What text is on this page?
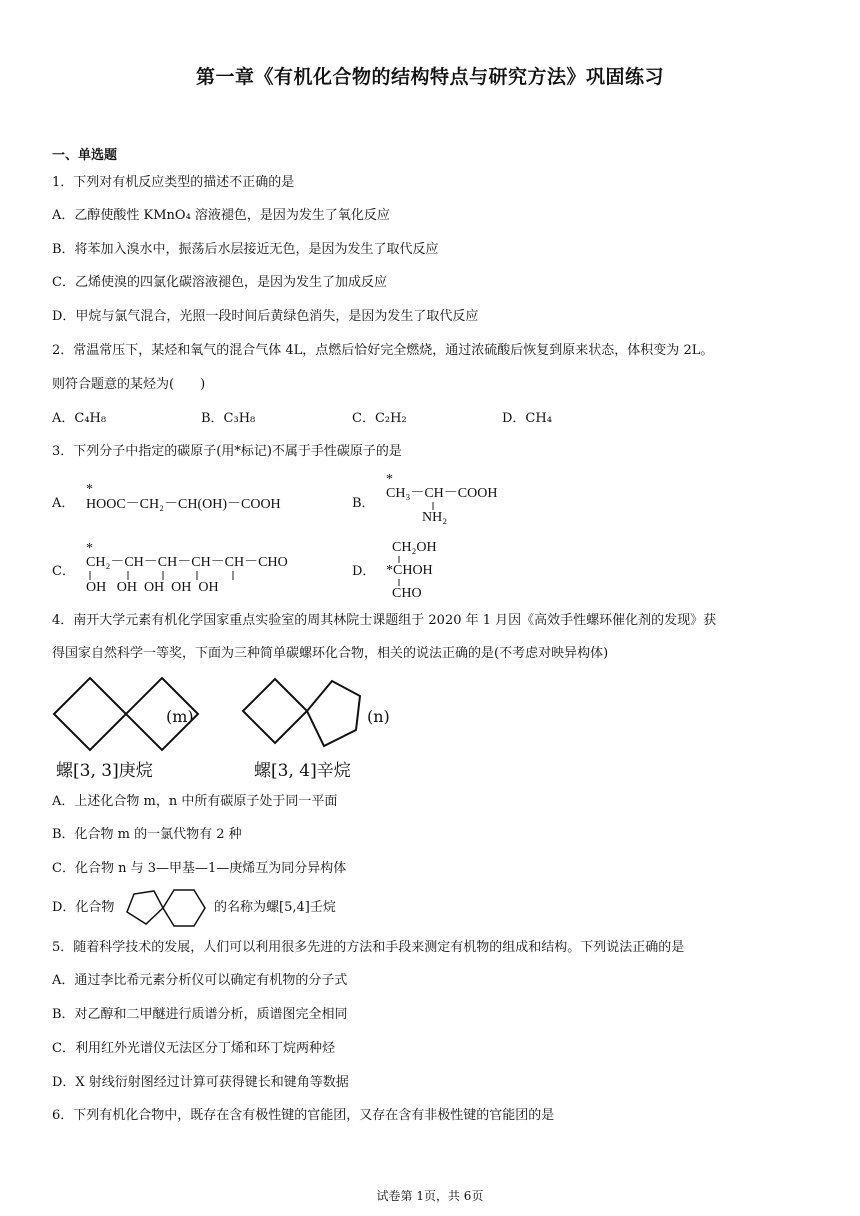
第一章《有机化合物的结构特点与研究方法》巩固练习
一、单选题
1．下列对有机反应类型的描述不正确的是
A．乙醇使酸性 KMnO₄ 溶液褪色，是因为发生了氧化反应
B．将苯加入溴水中，振荡后水层接近无色，是因为发生了取代反应
C．乙烯使溴的四氯化碳溶液褪色，是因为发生了加成反应
D．甲烷与氯气混合，光照一段时间后黄绿色消失，是因为发生了取代反应
2．常温常压下，某烃和氧气的混合气体 4L，点燃后恰好完全燃烧，通过浓硫酸后恢复到原来状态，体积变为 2L。
则符合题意的某烃为(　　)
A．C₄H₈	B．C₃H₈	C．C₂H₂	D．CH₄
3．下列分子中指定的碳原子(用*标记)不属于手性碳原子的是
A．
*
HOOC－CH₂－CH(OH)－COOH	B．
*
CH₃－CH－COOH
NH₂
C．
*
CH₂－CH－CH－CH－CH－CHO
OH   OH  OH  OH  OH
D．
CH₂OH
*CHOH
CHO
4．南开大学元素有机化学国家重点实验室的周其林院士课题组于 2020 年 1 月因《高效手性螺环催化剂的发现》获
得国家自然科学一等奖，下面为三种简单碳螺环化合物，相关的说法正确的是(不考虑对映异构体)
(m)	(n)
螺[3, 3]庚烷	螺[3, 4]辛烷
A．上述化合物 m，n 中所有碳原子处于同一平面
B．化合物 m 的一氯代物有 2 种
C．化合物 n 与 3—甲基—1—庚烯互为同分异构体
D．化合物	的名称为螺[5,4]壬烷
5．随着科学技术的发展，人们可以利用很多先进的方法和手段来测定有机物的组成和结构。下列说法正确的是
A．通过李比希元素分析仪可以确定有机物的分子式
B．对乙醇和二甲醚进行质谱分析，质谱图完全相同
C．利用红外光谱仪无法区分丁烯和环丁烷两种烃
D．X 射线衍射图经过计算可获得键长和键角等数据
6．下列有机化合物中，既存在含有极性键的官能团，又存在含有非极性键的官能团的是
试卷第 1页，共 6页
